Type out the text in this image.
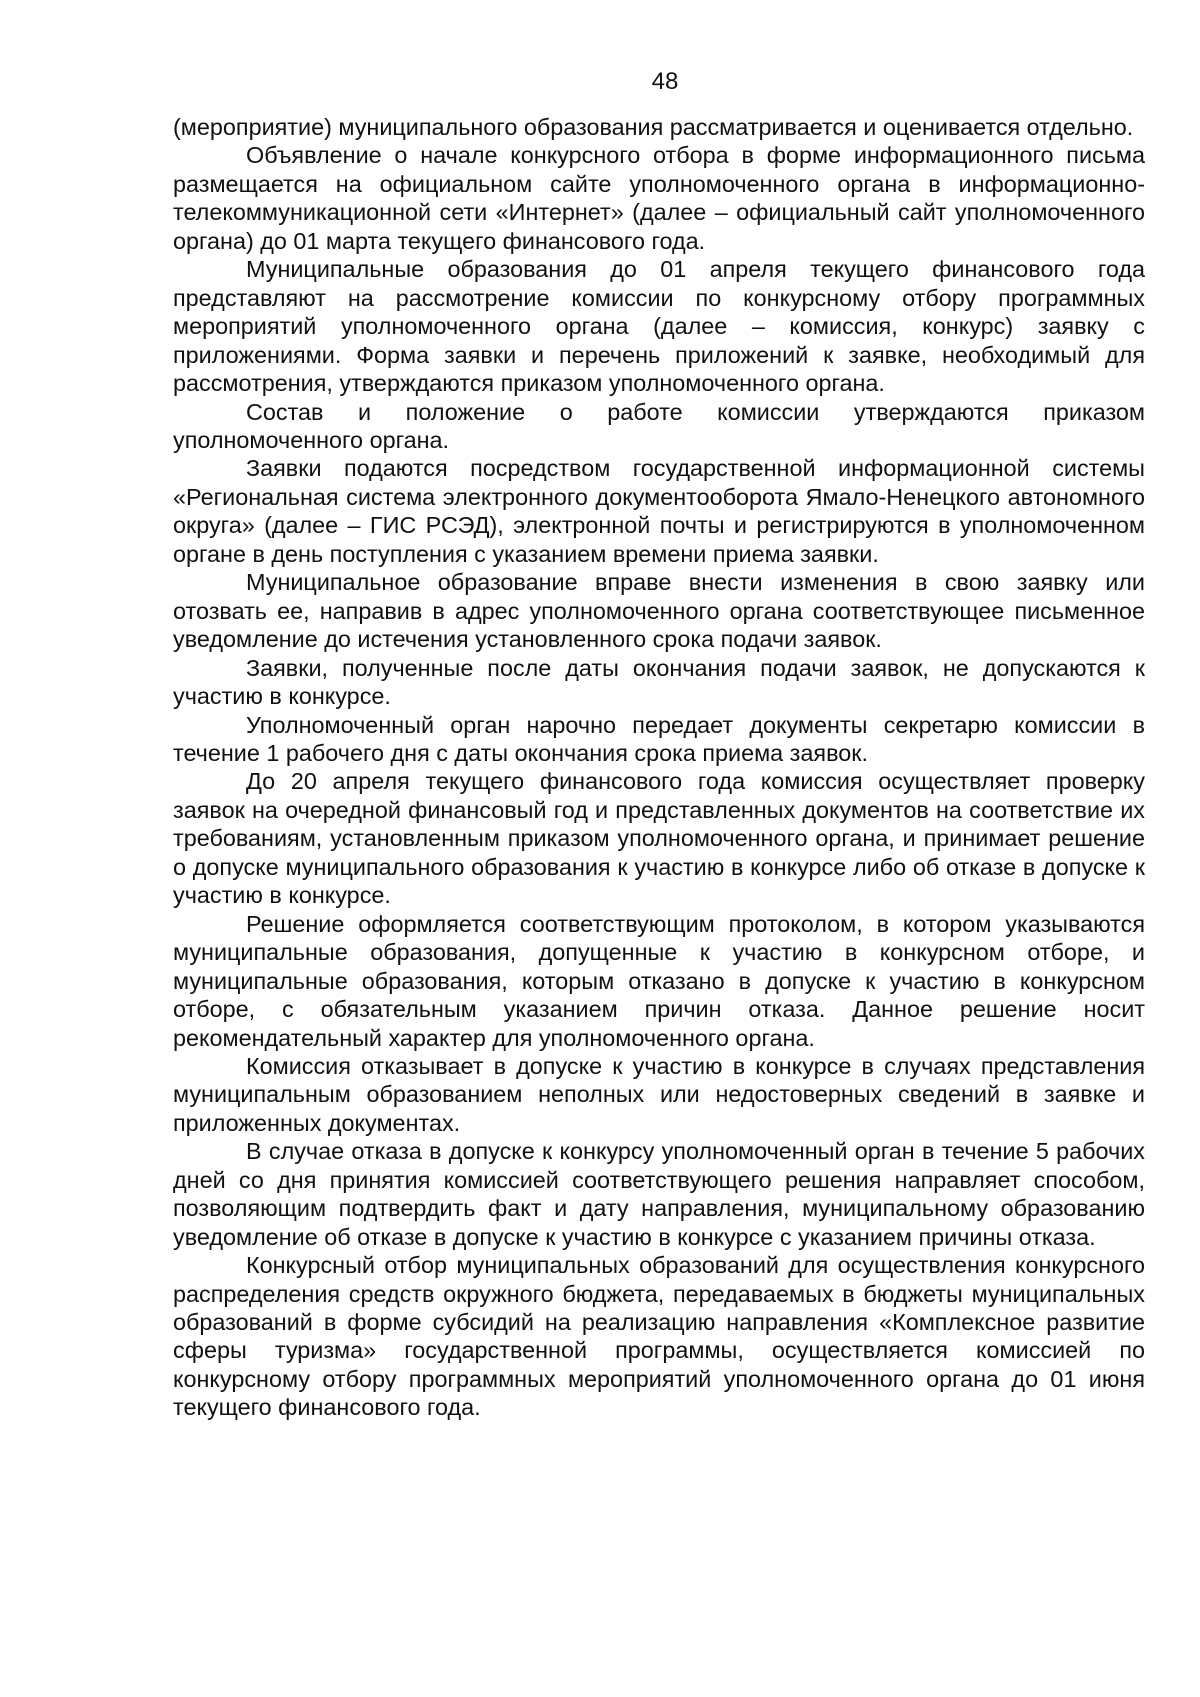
48

(мероприятие) муниципального образования рассматривается и оценивается отдельно.

Объявление о начале конкурсного отбора в форме информационного письма размещается на официальном сайте уполномоченного органа в информационно-телекоммуникационной сети «Интернет» (далее – официальный сайт уполномоченного органа) до 01 марта текущего финансового года.

Муниципальные образования до 01 апреля текущего финансового года представляют на рассмотрение комиссии по конкурсному отбору программных мероприятий уполномоченного органа (далее – комиссия, конкурс) заявку с приложениями. Форма заявки и перечень приложений к заявке, необходимый для рассмотрения, утверждаются приказом уполномоченного органа.

Состав и положение о работе комиссии утверждаются приказом уполномоченного органа.

Заявки подаются посредством государственной информационной системы «Региональная система электронного документооборота Ямало-Ненецкого автономного округа» (далее – ГИС РСЭД), электронной почты и регистрируются в уполномоченном органе в день поступления с указанием времени приема заявки.

Муниципальное образование вправе внести изменения в свою заявку или отозвать ее, направив в адрес уполномоченного органа соответствующее письменное уведомление до истечения установленного срока подачи заявок.

Заявки, полученные после даты окончания подачи заявок, не допускаются к участию в конкурсе.

Уполномоченный орган нарочно передает документы секретарю комиссии в течение 1 рабочего дня с даты окончания срока приема заявок.

До 20 апреля текущего финансового года комиссия осуществляет проверку заявок на очередной финансовый год и представленных документов на соответствие их требованиям, установленным приказом уполномоченного органа, и принимает решение о допуске муниципального образования к участию в конкурсе либо об отказе в допуске к участию в конкурсе.

Решение оформляется соответствующим протоколом, в котором указываются муниципальные образования, допущенные к участию в конкурсном отборе, и муниципальные образования, которым отказано в допуске к участию в конкурсном отборе, с обязательным указанием причин отказа. Данное решение носит рекомендательный характер для уполномоченного органа.

Комиссия отказывает в допуске к участию в конкурсе в случаях представления муниципальным образованием неполных или недостоверных сведений в заявке и приложенных документах.

В случае отказа в допуске к конкурсу уполномоченный орган в течение 5 рабочих дней со дня принятия комиссией соответствующего решения направляет способом, позволяющим подтвердить факт и дату направления, муниципальному образованию уведомление об отказе в допуске к участию в конкурсе с указанием причины отказа.

Конкурсный отбор муниципальных образований для осуществления конкурсного распределения средств окружного бюджета, передаваемых в бюджеты муниципальных образований в форме субсидий на реализацию направления «Комплексное развитие сферы туризма» государственной программы, осуществляется комиссией по конкурсному отбору программных мероприятий уполномоченного органа до 01 июня текущего финансового года.
